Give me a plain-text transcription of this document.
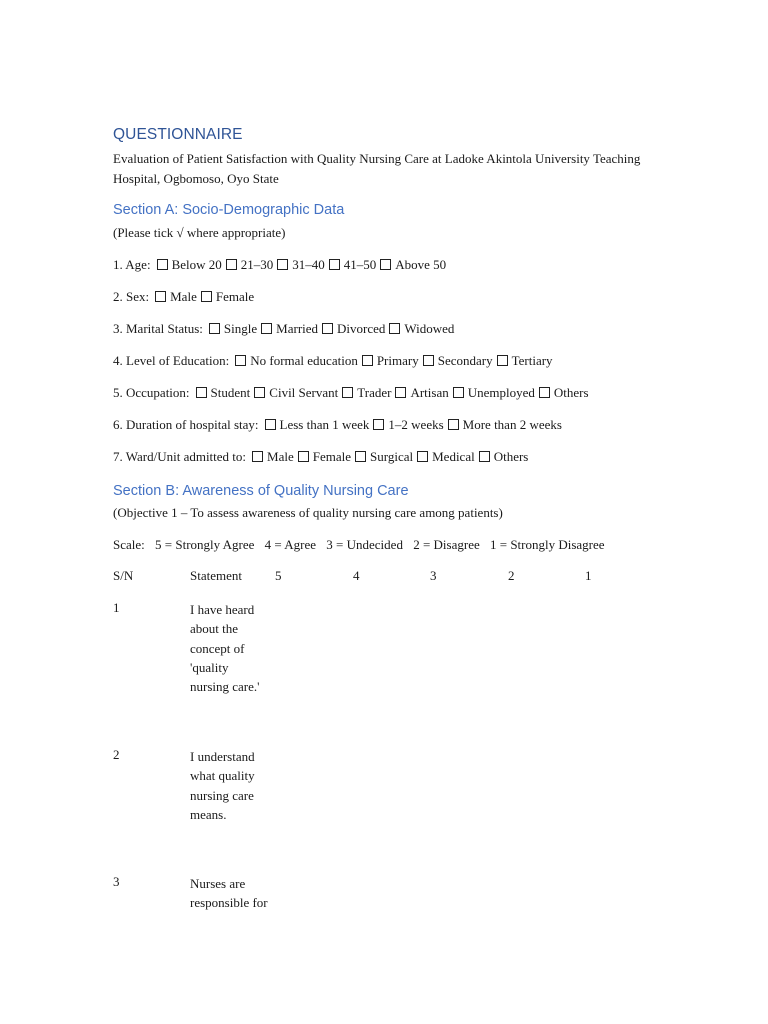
QUESTIONNAIRE
Evaluation of Patient Satisfaction with Quality Nursing Care at Ladoke Akintola University Teaching Hospital, Ogbomoso, Oyo State
Section A: Socio-Demographic Data
(Please tick √ where appropriate)
1. Age: Below 20 21–30 31–40 41–50 Above 50
2. Sex: Male Female
3. Marital Status: Single Married Divorced Widowed
4. Level of Education: No formal education Primary Secondary Tertiary
5. Occupation: Student Civil Servant Trader Artisan Unemployed Others
6. Duration of hospital stay: Less than 1 week 1–2 weeks More than 2 weeks
7. Ward/Unit admitted to: Male Female Surgical Medical Others
Section B: Awareness of Quality Nursing Care
(Objective 1 – To assess awareness of quality nursing care among patients)
Scale: 5 = Strongly Agree 4 = Agree 3 = Undecided 2 = Disagree 1 = Strongly Disagree
S/N	Statement	5	4	3	2	1
1	I have heard about the concept of 'quality nursing care.'
2	I understand what quality nursing care means.
3	Nurses are responsible for
